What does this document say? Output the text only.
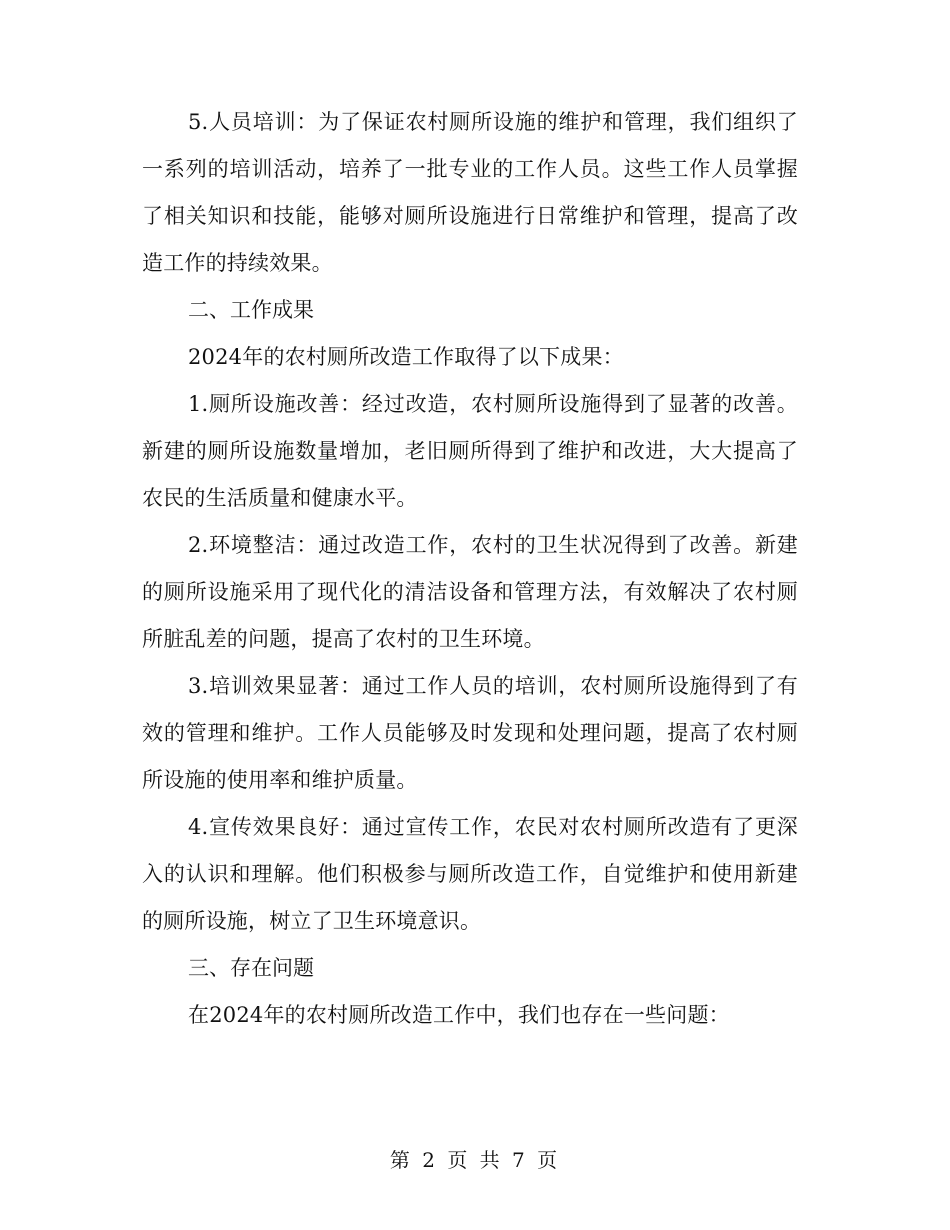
5.人员培训：为了保证农村厕所设施的维护和管理，我们组织了一系列的培训活动，培养了一批专业的工作人员。这些工作人员掌握了相关知识和技能，能够对厕所设施进行日常维护和管理，提高了改造工作的持续效果。

二、工作成果

2024年的农村厕所改造工作取得了以下成果：

1.厕所设施改善：经过改造，农村厕所设施得到了显著的改善。新建的厕所设施数量增加，老旧厕所得到了维护和改进，大大提高了农民的生活质量和健康水平。

2.环境整洁：通过改造工作，农村的卫生状况得到了改善。新建的厕所设施采用了现代化的清洁设备和管理方法，有效解决了农村厕所脏乱差的问题，提高了农村的卫生环境。

3.培训效果显著：通过工作人员的培训，农村厕所设施得到了有效的管理和维护。工作人员能够及时发现和处理问题，提高了农村厕所设施的使用率和维护质量。

4.宣传效果良好：通过宣传工作，农民对农村厕所改造有了更深入的认识和理解。他们积极参与厕所改造工作，自觉维护和使用新建的厕所设施，树立了卫生环境意识。

三、存在问题

在2024年的农村厕所改造工作中，我们也存在一些问题：

第 2 页 共 7 页
